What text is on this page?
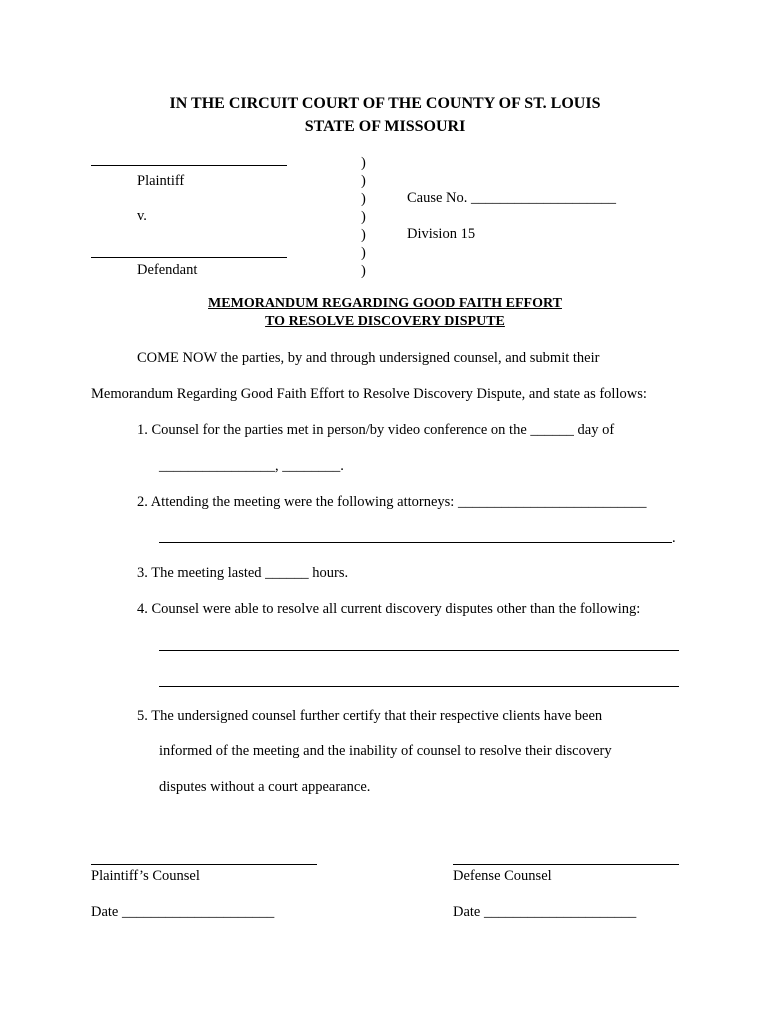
IN THE CIRCUIT COURT OF THE COUNTY OF ST. LOUIS
STATE OF MISSOURI
Plaintiff
v.
Defendant
)
)
)
)
)
)
)
Cause No. ____________________
Division 15
MEMORANDUM REGARDING GOOD FAITH EFFORT
TO RESOLVE DISCOVERY DISPUTE
COME NOW the parties, by and through undersigned counsel, and submit their
Memorandum Regarding Good Faith Effort to Resolve Discovery Dispute, and state as follows:
1. Counsel for the parties met in person/by video conference on the ______ day of
________________, ________.
2. Attending the meeting were the following attorneys: __________________________
.
3. The meeting lasted ______ hours.
4. Counsel were able to resolve all current discovery disputes other than the following:
5. The undersigned counsel further certify that their respective clients have been
informed of the meeting and the inability of counsel to resolve their discovery
disputes without a court appearance.
Plaintiff’s Counsel
Date _____________________
Defense Counsel
Date _____________________
